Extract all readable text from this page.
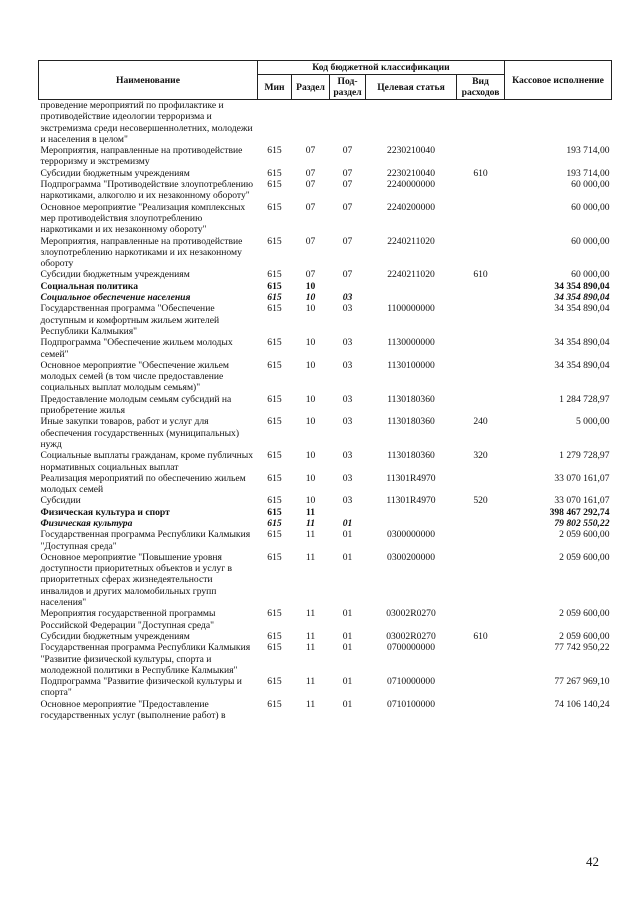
Наименование	Код бюджетной классификации					Кассовое исполнение
	Мин	Раздел	Под-раздел	Целевая статья	Вид расходов	
проведение мероприятий по профилактике и противодействие идеологии терроризма и экстремизма среди несовершеннолетних, молодежи и населения в целом"						
Мероприятия, направленные на противодействие терроризму и экстремизму	615	07	07	2230210040		193 714,00
Субсидии бюджетным учреждениям	615	07	07	2230210040	610	193 714,00
Подпрограмма "Противодействие злоупотреблению наркотиками, алкоголю и их незаконному обороту"	615	07	07	2240000000		60 000,00
Основное мероприятие "Реализация комплексных мер противодействия злоупотреблению наркотиками и их незаконному обороту"	615	07	07	2240200000		60 000,00
Мероприятия, направленные на противодействие злоупотреблению наркотиками и их незаконному обороту	615	07	07	2240211020		60 000,00
Субсидии бюджетным учреждениям	615	07	07	2240211020	610	60 000,00
Социальная политика	615	10				34 354 890,04
Социальное обеспечение населения	615	10	03			34 354 890,04
Государственная программа "Обеспечение доступным и комфортным жильем жителей Республики Калмыкия"	615	10	03	1100000000		34 354 890,04
Подпрограмма "Обеспечение жильем молодых семей"	615	10	03	1130000000		34 354 890,04
Основное мероприятие "Обеспечение жильем молодых семей (в том числе предоставление социальных выплат молодым семьям)"	615	10	03	1130100000		34 354 890,04
Предоставление молодым семьям субсидий на приобретение жилья	615	10	03	1130180360		1 284 728,97
Иные закупки товаров, работ и услуг для обеспечения государственных (муниципальных) нужд	615	10	03	1130180360	240	5 000,00
Социальные выплаты гражданам, кроме публичных нормативных социальных выплат	615	10	03	1130180360	320	1 279 728,97
Реализация мероприятий по обеспечению жильем молодых семей	615	10	03	11301R4970		33 070 161,07
Субсидии	615	10	03	11301R4970	520	33 070 161,07
Физическая культура и спорт	615	11				398 467 292,74
Физическая культура	615	11	01			79 802 550,22
Государственная программа Республики Калмыкия "Доступная среда"	615	11	01	0300000000		2 059 600,00
Основное мероприятие "Повышение уровня доступности приоритетных объектов и услуг в приоритетных сферах жизнедеятельности инвалидов и других маломобильных групп населения"	615	11	01	0300200000		2 059 600,00
Мероприятия государственной программы Российской Федерации "Доступная среда"	615	11	01	03002R0270		2 059 600,00
Субсидии бюджетным учреждениям	615	11	01	03002R0270	610	2 059 600,00
Государственная программа Республики Калмыкия "Развитие физической культуры, спорта и молодежной политики в Республике Калмыкия"	615	11	01	0700000000		77 742 950,22
Подпрограмма "Развитие физической культуры и спорта"	615	11	01	0710000000		77 267 969,10
Основное мероприятие "Предоставление государственных услуг (выполнение работ) в	615	11	01	0710100000		74 106 140,24
42
